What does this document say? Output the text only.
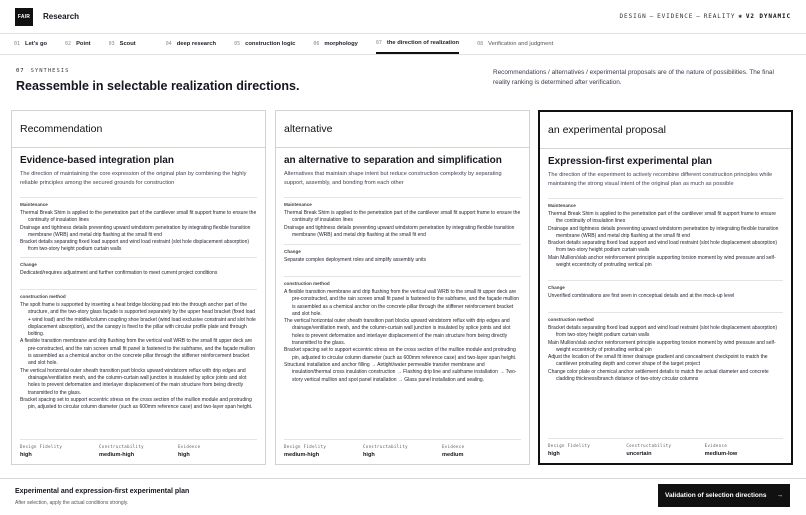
FAIR	Research	DESIGN — EVIDENCE — REALITY ✱ V2 DYNAMIC
01 Let's go	02 Point	03 Scout	04 deep research	05 construction logic	06 morphology	07 the direction of realization	08 Verification and judgment
07 SYNTHESIS
Reassemble in selectable realization directions.
Recommendations / alternatives / experimental proposals are of the nature of possibilities. The final reality ranking is determined after verification.
Recommendation
Evidence-based integration plan
The direction of maintaining the core expression of the original plan by combining the highly reliable principles among the secured grounds for construction
Maintenance
Thermal Break Shim is applied to the penetration part of the cantilever small fit support frame to ensure the continuity of insulation lines
Drainage and tightness details preventing upward windstorm penetration by integrating flexible transition membrane (WRB) and metal drip flashing at the small fit end
Bracket details separating fixed load support and wind load restraint (slot hole displacement absorption) from two-story height podium curtain walls
Change
Dedicated/requires adjustment and further confirmation to meet current project conditions
construction method
The spolt frame is supported by inserting a heat bridge blocking pad into the through anchor part of the structure, and the two-story glass façade is supported separately by the upper head bracket (fixed load + wind load) and the middle/column coupling shoe bracket (wind load exclusive constraint and slot hole displacement absorption), and the canopy is fixed to the pillar with circular profile plate and through bolting.
A flexible transition membrane and drip flushing from the vertical wall WRB to the small fit upper deck are pre-constructed, and the rain screen small fit panel is fastened to the subframe, and the façade mullion is assembled as a chemical anchor on the concrete pillar through the stiffener reinforcement bracket and slot hole.
The vertical horizontal outer sheath transition part blocks upward windstorm reflux with drip edges and drainage/ventilation mesh, and the column-curtain wall junction is insulated by splice joints and slot holes to prevent deformation and interlayer displacement of the main structure from being directly transmitted to the glass.
Bracket spacing set to support eccentric stress on the cross section of the mullion module and protruding pin, adjusted to circular column diameter (such as 600mm reference case) and two-layer span height.
Design Fidelity
high
Constructability
medium-high
Evidence
high
alternative
an alternative to separation and simplification
Alternatives that maintain shape intent but reduce construction complexity by separating support, assembly, and bonding from each other
Maintenance
Thermal Break Shim is applied to the penetration part of the cantilever small fit support frame to ensure the continuity of insulation lines
Drainage and tightness details preventing upward windstorm penetration by integrating flexible transition membrane (WRB) and metal drip flashing at the small fit end
Change
Separate complex deployment roles and simplify assembly units
construction method
A flexible transition membrane and drip flushing from the vertical wall WRB to the small fit upper deck are pre-constructed, and the rain screen small fit panel is fastened to the subframe, and the façade mullion is assembled as a chemical anchor on the concrete pillar through the stiffener reinforcement bracket and slot hole.
The vertical horizontal outer sheath transition part blocks upward windstorm reflux with drip edges and drainage/ventilation mesh, and the column-curtain wall junction is insulated by splice joints and slot holes to prevent deformation and interlayer displacement of the main structure from being directly transmitted to the glass.
Bracket spacing set to support eccentric stress on the cross section of the mullion module and protruding pin, adjusted to circular column diameter (such as 600mm reference case) and two-layer span height.
Structural installation and anchor filling → Airtight/water permeable transfer membrane and insulation/thermal cross insulation construction → Flashing drip line and subframe installation → Two-story vertical mullion and spot panel installation → Glass panel installation and sealing.
Design Fidelity
medium-high
Constructability
high
Evidence
medium
an experimental proposal
Expression-first experimental plan
The direction of the experiment to actively recombine different construction principles while maintaining the strong visual intent of the original plan as much as possible
Maintenance
Thermal Break Shim is applied to the penetration part of the cantilever small fit support frame to ensure the continuity of insulation lines
Drainage and tightness details preventing upward windstorm penetration by integrating flexible transition membrane (WRB) and metal drip flashing at the small fit end
Bracket details separating fixed load support and wind load restraint (slot hole displacement absorption) from two-story height podium curtain walls
Main Mullion/slab anchor reinforcement principle supporting torsion moment by wind pressure and self-weight eccentricity of protruding vertical pin
Change
Unverified combinations are first seen in conceptual details and at the mock-up level
construction method
Bracket details separating fixed load support and wind load restraint (slot hole displacement absorption) from two-story height podium curtain walls
Main Mullion/slab anchor reinforcement principle supporting torsion moment by wind pressure and self-weight eccentricity of protruding vertical pin
Adjust the location of the small fit inner drainage gradient and concealment checkpoint to match the cantilever protruding depth and corner shape of the target project
Change color plate or chemical anchor settlement details to match the actual diameter and concrete cladding thickness/branch distance of two-story circular columns
Design Fidelity
high
Constructability
uncertain
Evidence
medium-low
Experimental and expression-first experimental plan
After selection, apply the actual conditions strongly.
Validation of selection directions →
